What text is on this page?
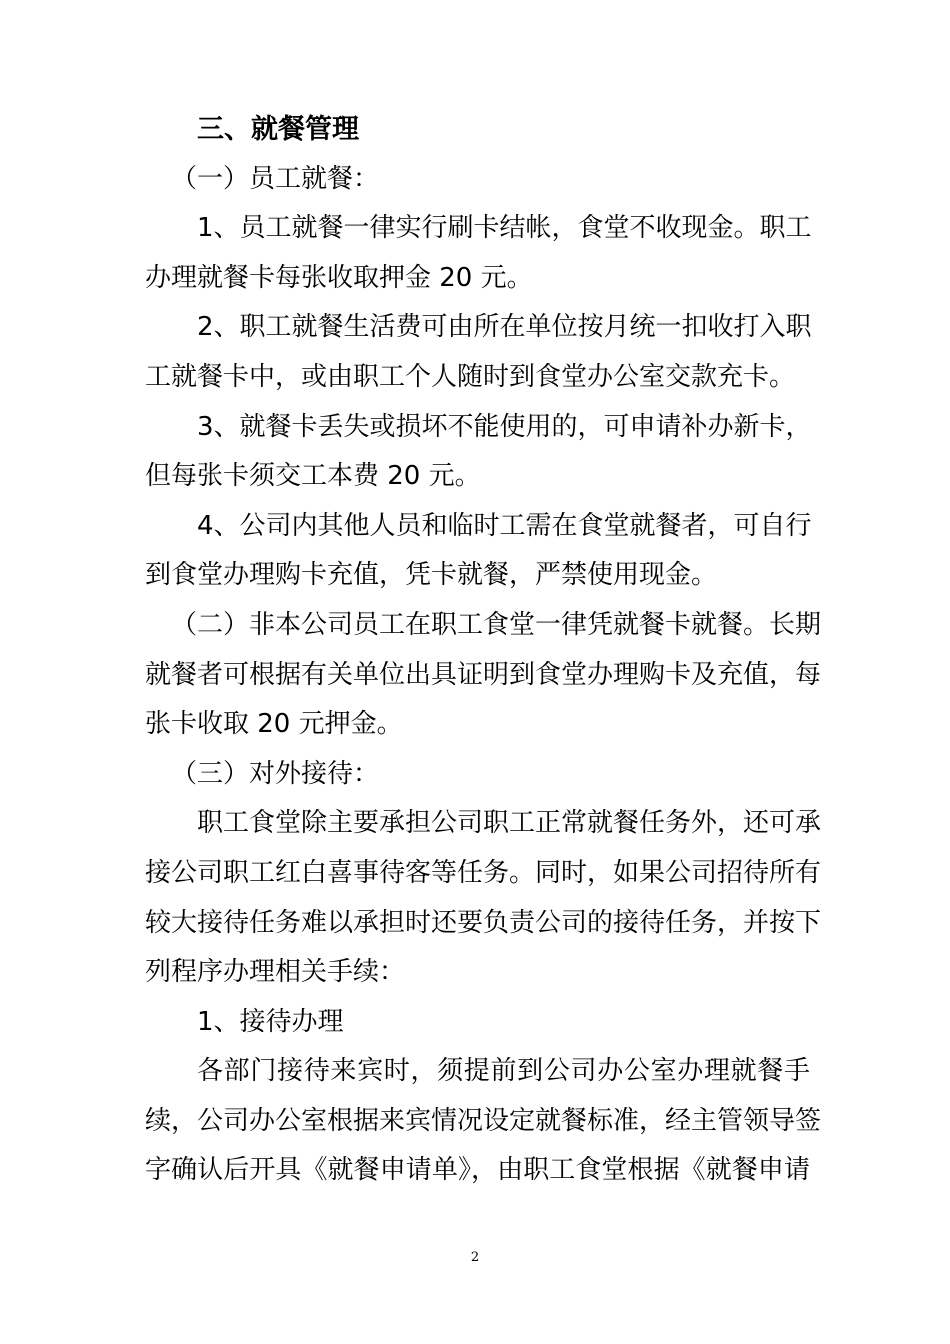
三、就餐管理
（一）员工就餐：
1、员工就餐一律实行刷卡结帐，食堂不收现金。职工
办理就餐卡每张收取押金 20 元。
2、职工就餐生活费可由所在单位按月统一扣收打入职
工就餐卡中，或由职工个人随时到食堂办公室交款充卡。
3、就餐卡丢失或损坏不能使用的，可申请补办新卡，
但每张卡须交工本费 20 元。
4、公司内其他人员和临时工需在食堂就餐者，可自行
到食堂办理购卡充值，凭卡就餐，严禁使用现金。
（二）非本公司员工在职工食堂一律凭就餐卡就餐。长期
就餐者可根据有关单位出具证明到食堂办理购卡及充值，每
张卡收取 20 元押金。
（三）对外接待：
职工食堂除主要承担公司职工正常就餐任务外，还可承
接公司职工红白喜事待客等任务。同时，如果公司招待所有
较大接待任务难以承担时还要负责公司的接待任务，并按下
列程序办理相关手续：
1、接待办理
各部门接待来宾时，须提前到公司办公室办理就餐手
续，公司办公室根据来宾情况设定就餐标准，经主管领导签
字确认后开具《就餐申请单》，由职工食堂根据《就餐申请
2
